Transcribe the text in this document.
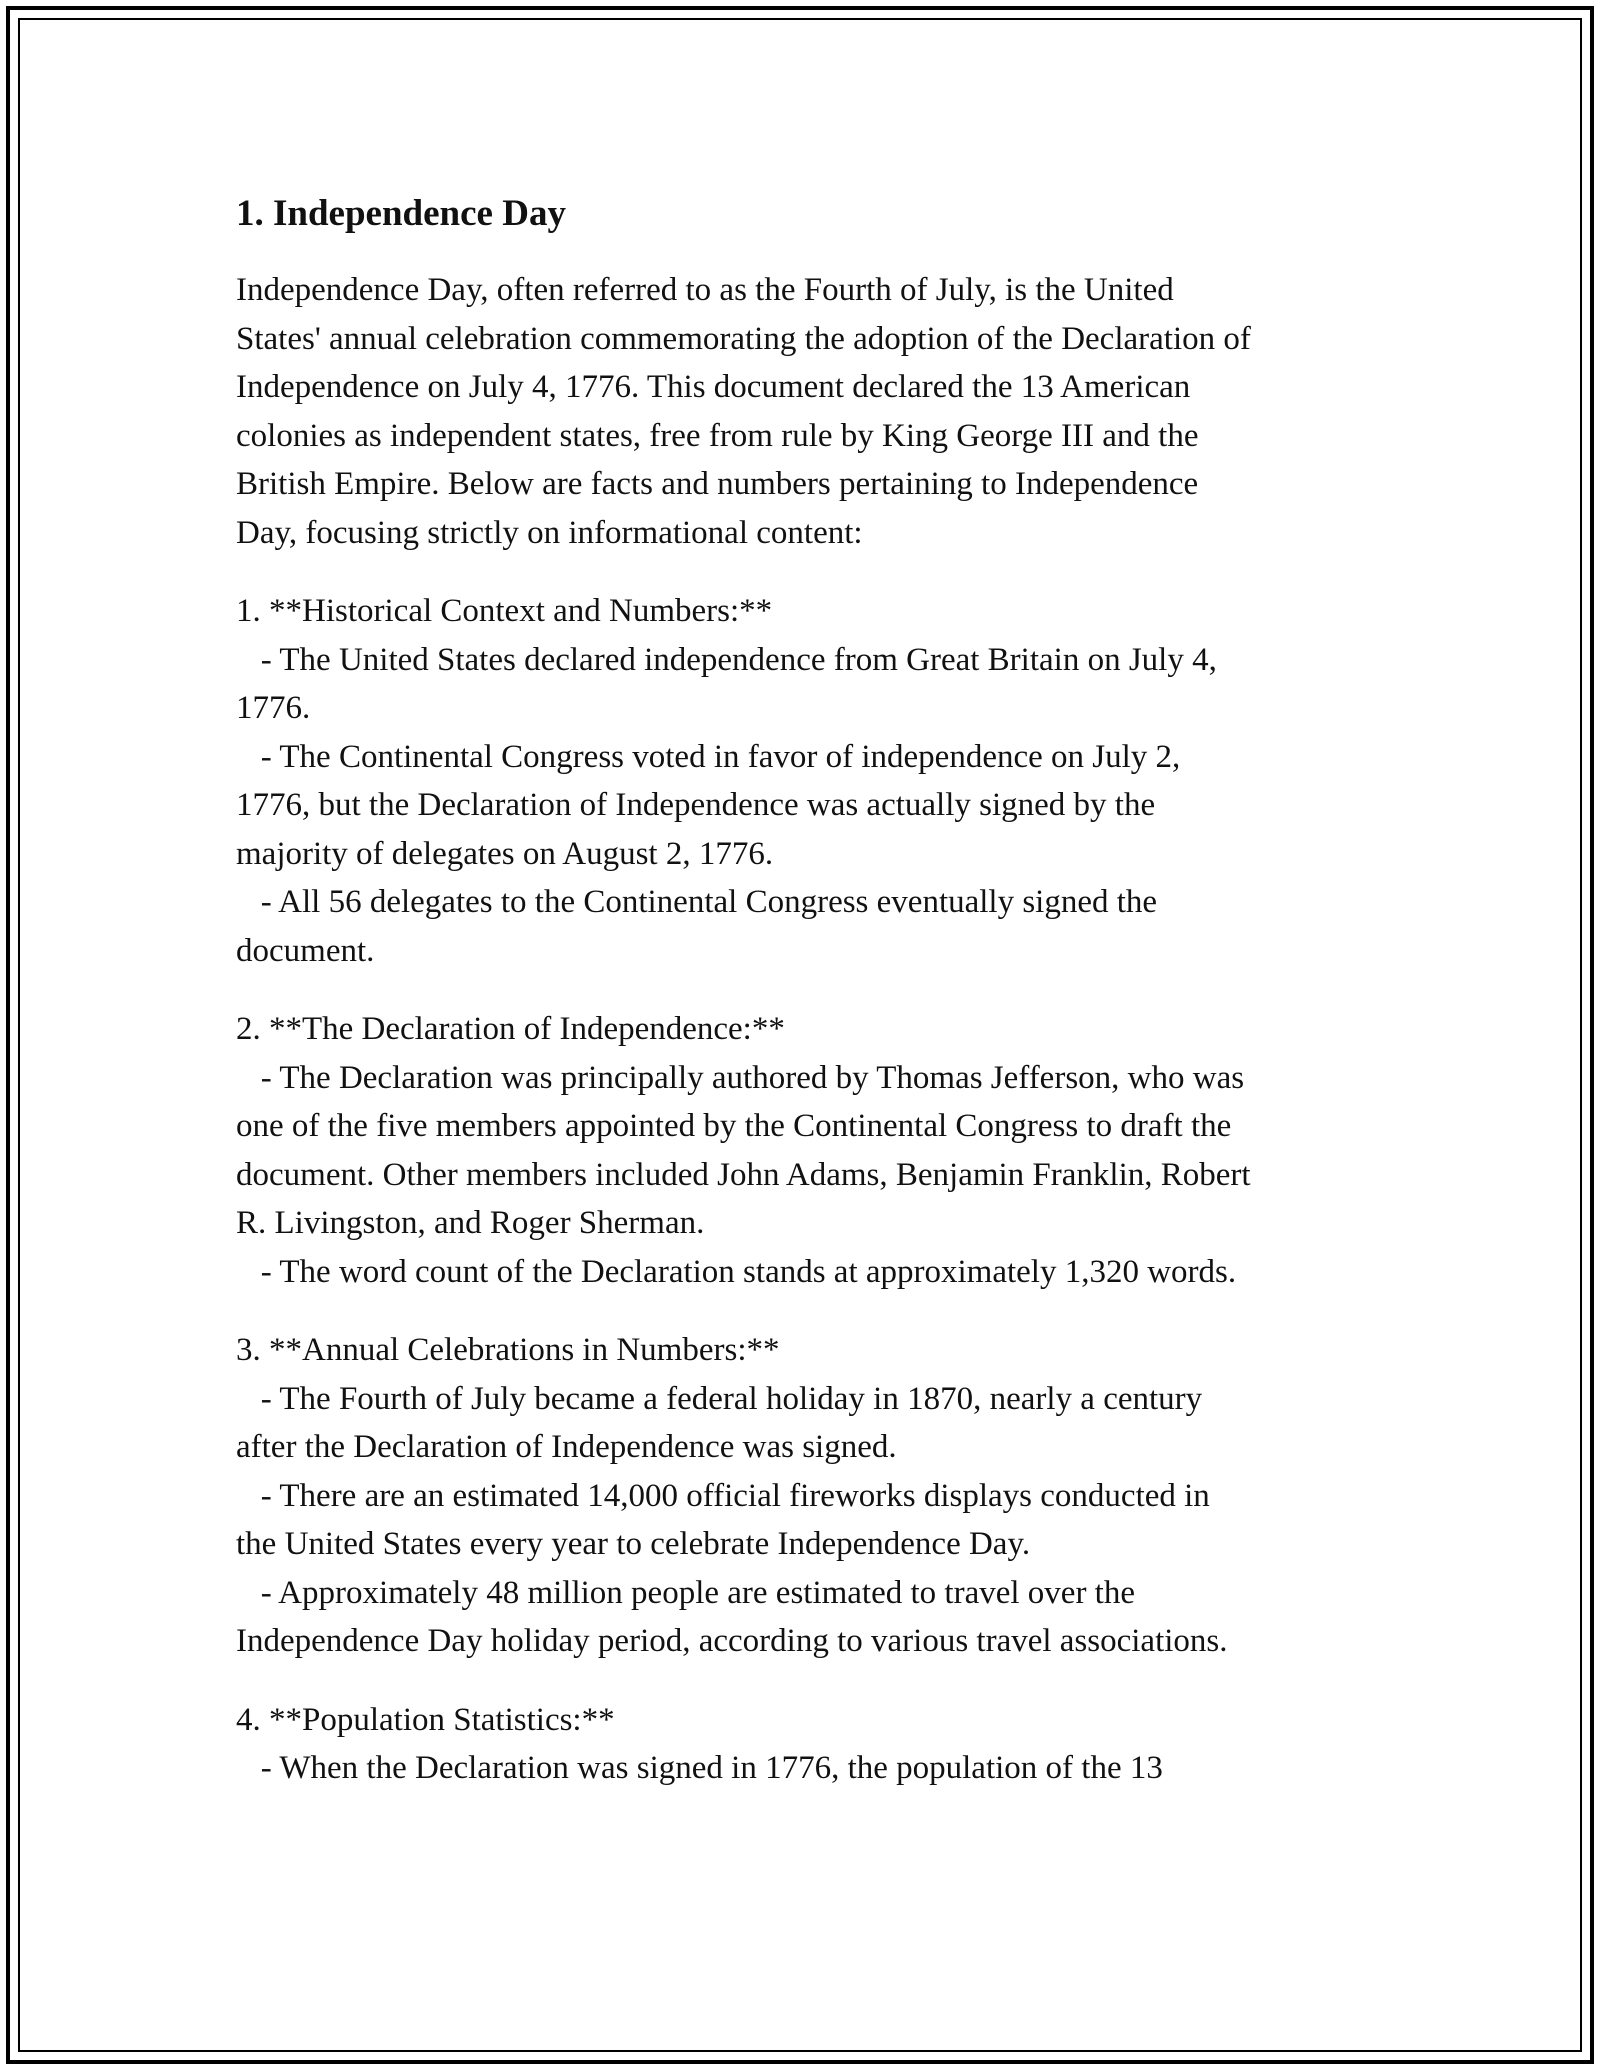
1. Independence Day

Independence Day, often referred to as the Fourth of July, is the United
States' annual celebration commemorating the adoption of the Declaration of
Independence on July 4, 1776. This document declared the 13 American
colonies as independent states, free from rule by King George III and the
British Empire. Below are facts and numbers pertaining to Independence
Day, focusing strictly on informational content:

1. **Historical Context and Numbers:**

- The United States declared independence from Great Britain on July 4,
1776.

- The Continental Congress voted in favor of independence on July 2,
1776, but the Declaration of Independence was actually signed by the
majority of delegates on August 2, 1776.

- All 56 delegates to the Continental Congress eventually signed the
document.

2. **The Declaration of Independence:**

- The Declaration was principally authored by Thomas Jefferson, who was
one of the five members appointed by the Continental Congress to draft the
document. Other members included John Adams, Benjamin Franklin, Robert
R. Livingston, and Roger Sherman.

- The word count of the Declaration stands at approximately 1,320 words.

3. **Annual Celebrations in Numbers:**

- The Fourth of July became a federal holiday in 1870, nearly a century
after the Declaration of Independence was signed.

- There are an estimated 14,000 official fireworks displays conducted in
the United States every year to celebrate Independence Day.

- Approximately 48 million people are estimated to travel over the
Independence Day holiday period, according to various travel associations.

4. **Population Statistics:**

- When the Declaration was signed in 1776, the population of the 13
